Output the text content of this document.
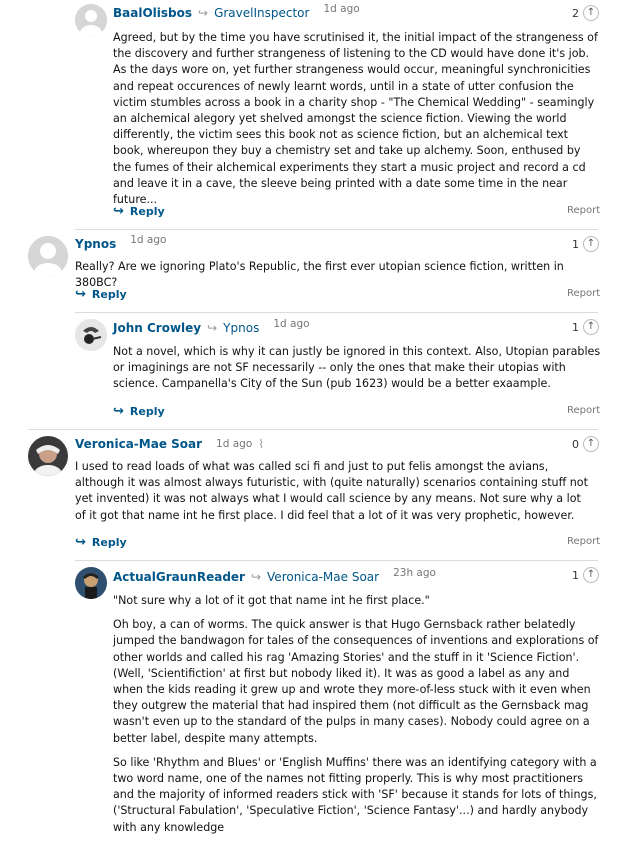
BaalOlisbos ↪ GravelInspector 1d ago	2 ↑

Agreed, but by the time you have scrutinised it, the initial impact of the strangeness of the discovery and further strangeness of listening to the CD would have done it's job. As the days wore on, yet further strangeness would occur, meaningful synchronicities and repeat occurences of newly learnt words, until in a state of utter confusion the victim stumbles across a book in a charity shop - "The Chemical Wedding" - seamingly an alchemical alegory yet shelved amongst the science fiction. Viewing the world differently, the victim sees this book not as science fiction, but an alchemical text book, whereupon they buy a chemistry set and take up alchemy. Soon, enthused by the fumes of their alchemical experiments they start a music project and record a cd and leave it in a cave, the sleeve being printed with a date some time in the near future...

↪ Reply	Report
Ypnos 1d ago	1 ↑

Really? Are we ignoring Plato's Republic, the first ever utopian science fiction, written in 380BC?

↪ Reply	Report
John Crowley ↪ Ypnos 1d ago	1 ↑

Not a novel, which is why it can justly be ignored in this context. Also, Utopian parables or imaginings are not SF necessarily -- only the ones that make their utopias with science. Campanella's City of the Sun (pub 1623) would be a better exaample.

↪ Reply	Report
Veronica-Mae Soar 1d ago ⌇	0 ↑

I used to read loads of what was called sci fi and just to put felis amongst the avians, although it was almost always futuristic, with (quite naturally) scenarios containing stuff not yet invented) it was not always what I would call science by any means. Not sure why a lot of it got that name int he first place. I did feel that a lot of it was very prophetic, however.

↪ Reply	Report
ActualGraunReader ↪ Veronica-Mae Soar 23h ago	1 ↑

"Not sure why a lot of it got that name int he first place."

Oh boy, a can of worms. The quick answer is that Hugo Gernsback rather belatedly jumped the bandwagon for tales of the consequences of inventions and explorations of other worlds and called his rag 'Amazing Stories' and the stuff in it 'Science Fiction'. (Well, 'Scientifiction' at first but nobody liked it). It was as good a label as any and when the kids reading it grew up and wrote they more-of-less stuck with it even when they outgrew the material that had inspired them (not difficult as the Gernsback mag wasn't even up to the standard of the pulps in many cases). Nobody could agree on a better label, despite many attempts.

So like 'Rhythm and Blues' or 'English Muffins' there was an identifying category with a two word name, one of the names not fitting properly. This is why most practitioners and the majority of informed readers stick with 'SF' because it stands for lots of things, ('Structural Fabulation', 'Speculative Fiction', 'Science Fantasy'...) and hardly anybody with any knowledge
